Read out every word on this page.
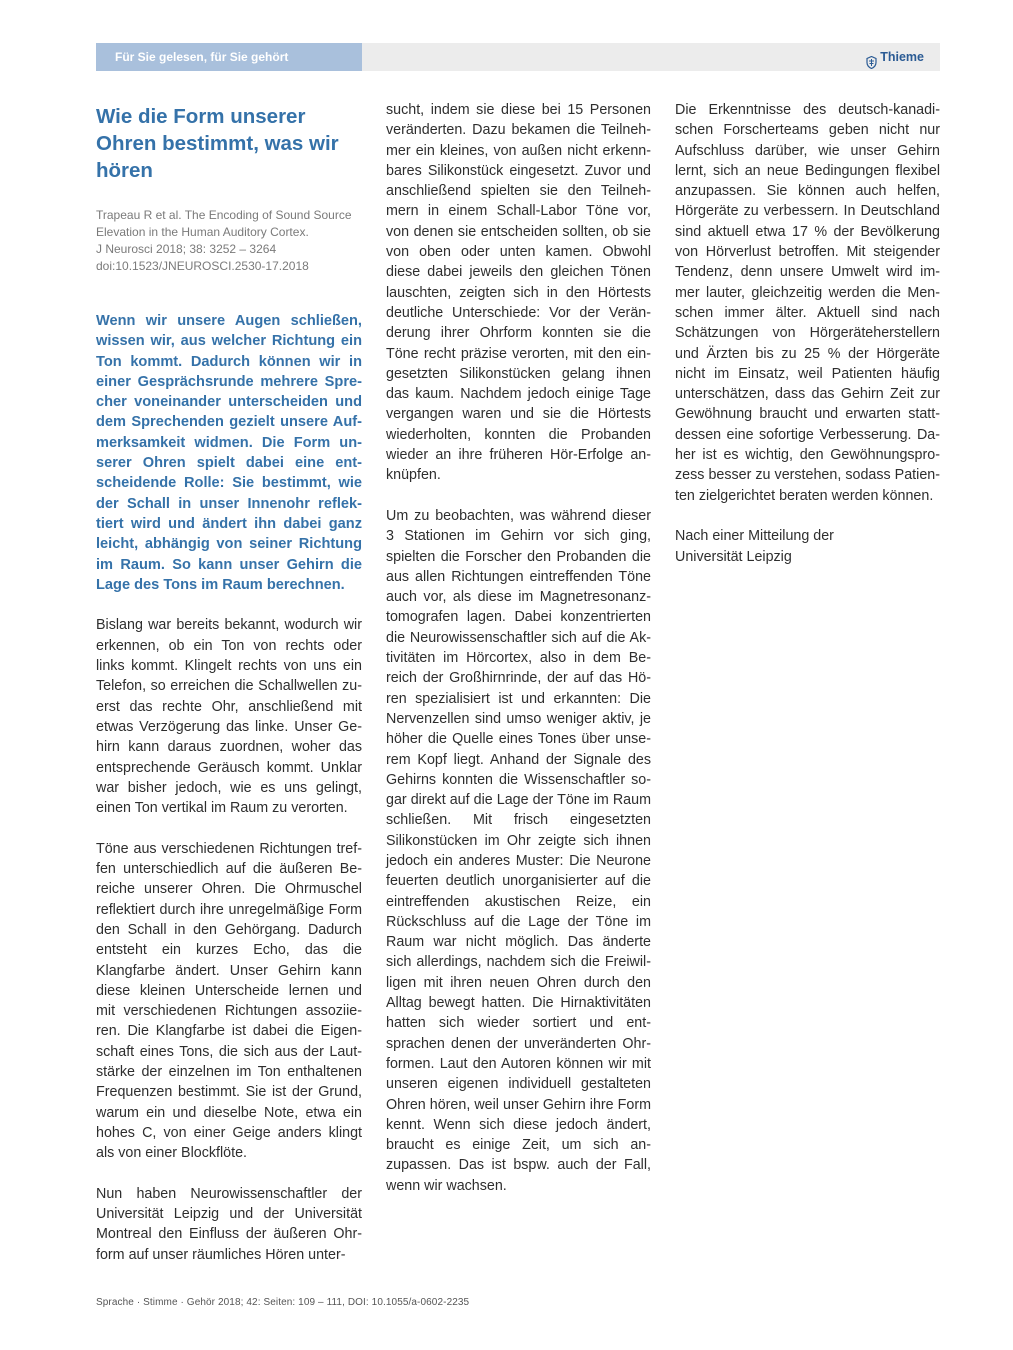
Für Sie gelesen, für Sie gehört	Thieme
Wie die Form unserer Ohren bestimmt, was wir hören
Trapeau R et al. The Encoding of Sound Source
Elevation in the Human Auditory Cortex.
J Neurosci 2018; 38: 3252 – 3264
doi:10.1523/JNEUROSCI.2530-17.2018

Wenn wir unsere Augen schließen, wissen wir, aus welcher Richtung ein Ton kommt. Dadurch können wir in einer Gesprächsrunde mehrere Sprecher voneinander unterscheiden und dem Sprechenden gezielt unsere Aufmerksamkeit widmen. Die Form unserer Ohren spielt dabei eine entscheidende Rolle: Sie bestimmt, wie der Schall in unser Innenohr reflektiert wird und ändert ihn dabei ganz leicht, abhängig von seiner Richtung im Raum. So kann unser Gehirn die Lage des Tons im Raum berechnen.

Bislang war bereits bekannt, wodurch wir erkennen, ob ein Ton von rechts oder links kommt. Klingelt rechts von uns ein Telefon, so erreichen die Schallwellen zuerst das rechte Ohr, anschließend mit etwas Verzögerung das linke. Unser Gehirn kann daraus zuordnen, woher das entsprechende Geräusch kommt. Unklar war bisher jedoch, wie es uns gelingt, einen Ton vertikal im Raum zu verorten.

Töne aus verschiedenen Richtungen treffen unterschiedlich auf die äußeren Bereiche unserer Ohren. Die Ohrmuschel reflektiert durch ihre unregelmäßige Form den Schall in den Gehörgang. Dadurch entsteht ein kurzes Echo, das die Klangfarbe ändert. Unser Gehirn kann diese kleinen Unterscheide lernen und mit verschiedenen Richtungen assoziieren. Die Klangfarbe ist dabei die Eigenschaft eines Tons, die sich aus der Lautstärke der einzelnen im Ton enthaltenen Frequenzen bestimmt. Sie ist der Grund, warum ein und dieselbe Note, etwa ein hohes C, von einer Geige anders klingt als von einer Blockflöte.

Nun haben Neurowissenschaftler der Universität Leipzig und der Universität Montreal den Einfluss der äußeren Ohrform auf unser räumliches Hören unter-

sucht, indem sie diese bei 15 Personen veränderten. Dazu bekamen die Teilnehmer ein kleines, von außen nicht erkennbares Silikonstück eingesetzt. Zuvor und anschließend spielten sie den Teilnehmern in einem Schall-Labor Töne vor, von denen sie entscheiden sollten, ob sie von oben oder unten kamen. Obwohl diese dabei jeweils den gleichen Tönen lauschten, zeigten sich in den Hörtests deutliche Unterschiede: Vor der Veränderung ihrer Ohrform konnten sie die Töne recht präzise verorten, mit den eingesetzten Silikonstücken gelang ihnen das kaum. Nachdem jedoch einige Tage vergangen waren und sie die Hörtests wiederholten, konnten die Probanden wieder an ihre früheren Hör-Erfolge anknüpfen.

Um zu beobachten, was während dieser 3 Stationen im Gehirn vor sich ging, spielten die Forscher den Probanden die aus allen Richtungen eintreffenden Töne auch vor, als diese im Magnetresonanztomografen lagen. Dabei konzentrierten die Neurowissenschaftler sich auf die Aktivitäten im Hörcortex, also in dem Bereich der Großhirnrinde, der auf das Hören spezialisiert ist und erkannten: Die Nervenzellen sind umso weniger aktiv, je höher die Quelle eines Tones über unserem Kopf liegt. Anhand der Signale des Gehirns konnten die Wissenschaftler sogar direkt auf die Lage der Töne im Raum schließen. Mit frisch eingesetzten Silikonstücken im Ohr zeigte sich ihnen jedoch ein anderes Muster: Die Neurone feuerten deutlich unorganisierter auf die eintreffenden akustischen Reize, ein Rückschluss auf die Lage der Töne im Raum war nicht möglich. Das änderte sich allerdings, nachdem sich die Freiwilligen mit ihren neuen Ohren durch den Alltag bewegt hatten. Die Hirnaktivitäten hatten sich wieder sortiert und entsprachen denen der unveränderten Ohrformen. Laut den Autoren können wir mit unseren eigenen individuell gestalteten Ohren hören, weil unser Gehirn ihre Form kennt. Wenn sich diese jedoch ändert, braucht es einige Zeit, um sich anzupassen. Das ist bspw. auch der Fall, wenn wir wachsen.

Die Erkenntnisse des deutsch-kanadischen Forscherteams geben nicht nur Aufschluss darüber, wie unser Gehirn lernt, sich an neue Bedingungen flexibel anzupassen. Sie können auch helfen, Hörgeräte zu verbessern. In Deutschland sind aktuell etwa 17 % der Bevölkerung von Hörverlust betroffen. Mit steigender Tendenz, denn unsere Umwelt wird immer lauter, gleichzeitig werden die Menschen immer älter. Aktuell sind nach Schätzungen von Hörgeräteherstellern und Ärzten bis zu 25 % der Hörgeräte nicht im Einsatz, weil Patienten häufig unterschätzen, dass das Gehirn Zeit zur Gewöhnung braucht und erwarten stattdessen eine sofortige Verbesserung. Daher ist es wichtig, den Gewöhnungsprozess besser zu verstehen, sodass Patienten zielgerichtet beraten werden können.

Nach einer Mitteilung der
Universität Leipzig

Sprache · Stimme · Gehör 2018; 42: Seiten: 109 – 111, DOI: 10.1055/a-0602-2235
